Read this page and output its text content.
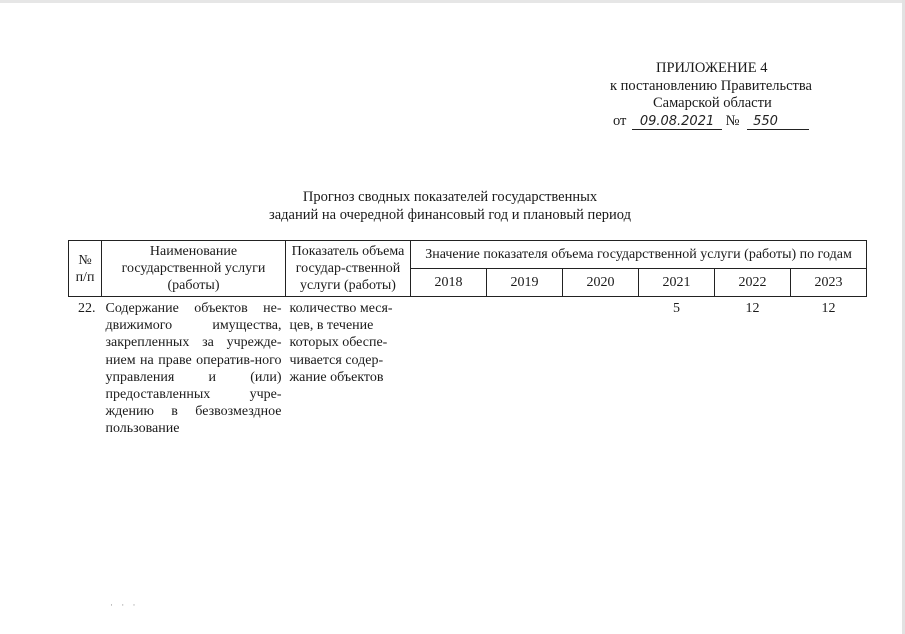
ПРИЛОЖЕНИЕ 4
к постановлению Правительства
Самарской области
от 09.08.2021 № 550
Прогноз сводных показателей государственных
заданий на очередной финансовый год и плановый период
№ п/п	Наименование государственной услуги (работы)	Показатель объема государ-ственной услуги (работы)	Значение показателя объема государственной услуги (работы) по годам					
			2018	2019	2020	2021	2022	2023
22.	Содержание объектов не-движимого имущества, закрепленных за учрежде-нием на праве оператив-ного управления и (или) предоставленных учре-ждению в безвозмездное пользование	количество меся-цев, в течение которых обеспе-чивается содер-жание объектов				5	12	12
· · ·
